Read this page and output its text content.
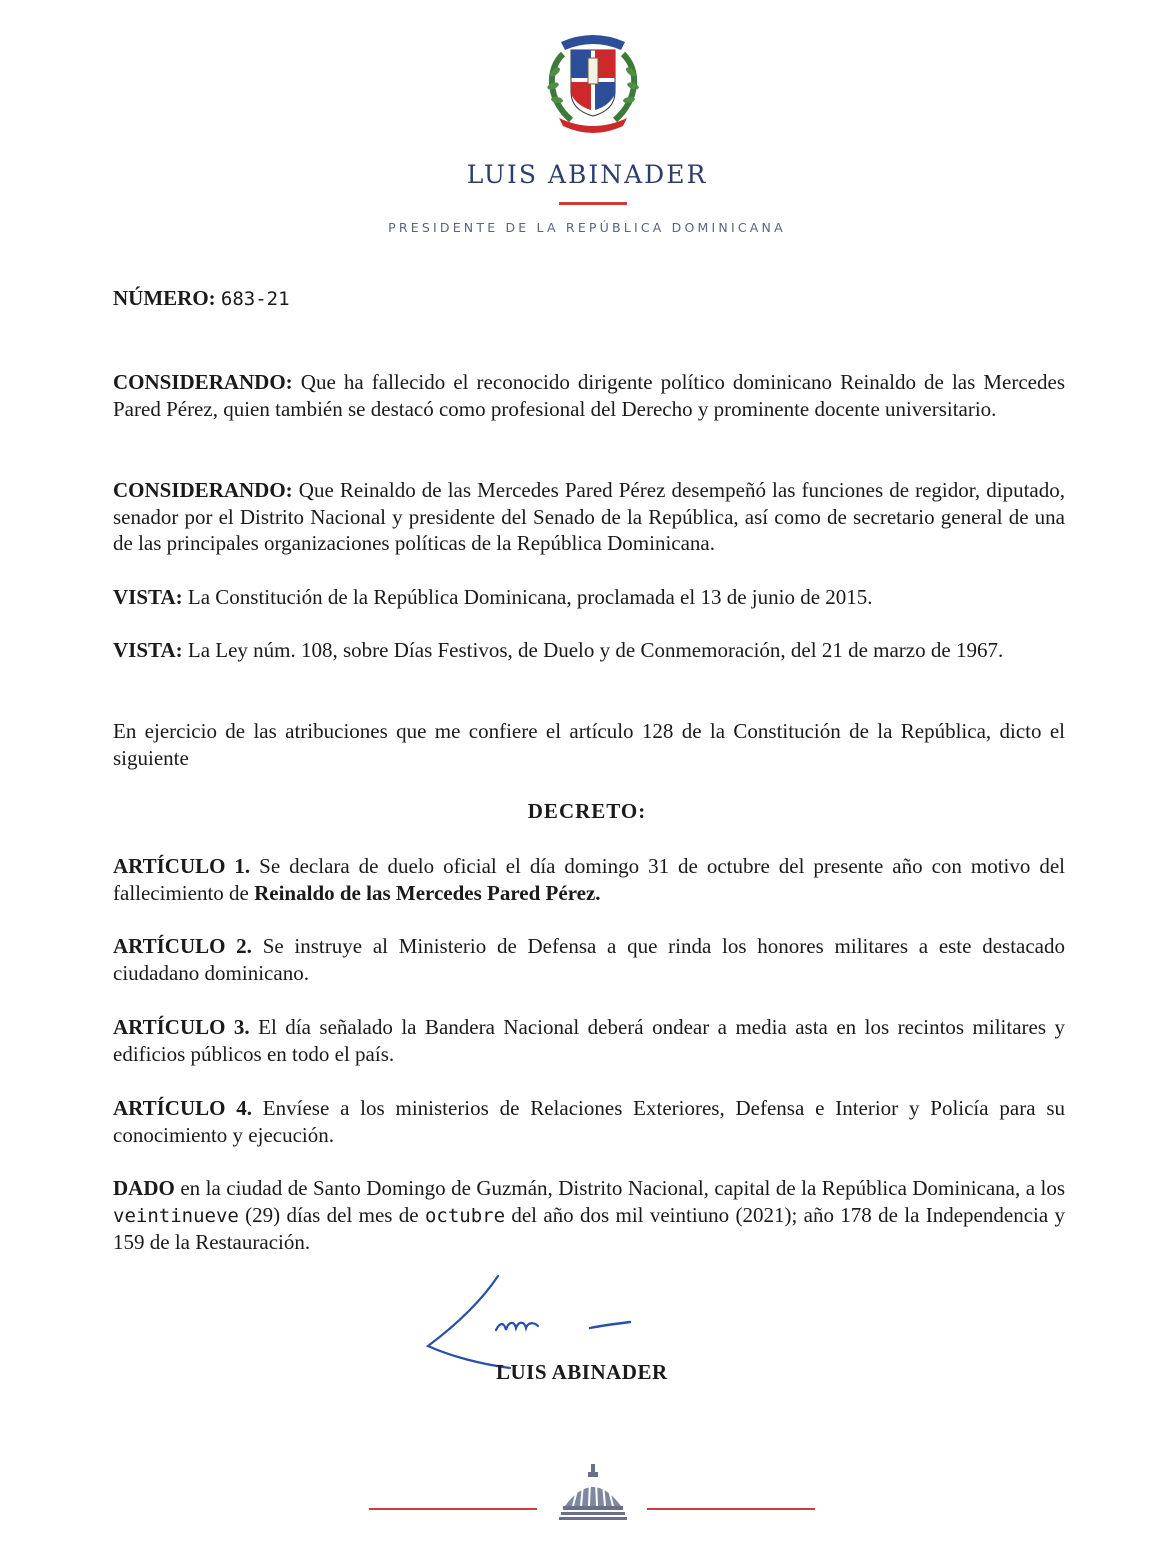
LUIS ABINADER
PRESIDENTE DE LA REPÚBLICA DOMINICANA
NÚMERO: 683-21
CONSIDERANDO: Que ha fallecido el reconocido dirigente político dominicano Reinaldo de las Mercedes Pared Pérez, quien también se destacó como profesional del Derecho y prominente docente universitario.
CONSIDERANDO: Que Reinaldo de las Mercedes Pared Pérez desempeñó las funciones de regidor, diputado, senador por el Distrito Nacional y presidente del Senado de la República, así como de secretario general de una de las principales organizaciones políticas de la República Dominicana.
VISTA: La Constitución de la República Dominicana, proclamada el 13 de junio de 2015.
VISTA: La Ley núm. 108, sobre Días Festivos, de Duelo y de Conmemoración, del 21 de marzo de 1967.
En ejercicio de las atribuciones que me confiere el artículo 128 de la Constitución de la República, dicto el siguiente
DECRETO:
ARTÍCULO 1. Se declara de duelo oficial el día domingo 31 de octubre del presente año con motivo del fallecimiento de Reinaldo de las Mercedes Pared Pérez.
ARTÍCULO 2. Se instruye al Ministerio de Defensa a que rinda los honores militares a este destacado ciudadano dominicano.
ARTÍCULO 3. El día señalado la Bandera Nacional deberá ondear a media asta en los recintos militares y edificios públicos en todo el país.
ARTÍCULO 4. Envíese a los ministerios de Relaciones Exteriores, Defensa e Interior y Policía para su conocimiento y ejecución.
DADO en la ciudad de Santo Domingo de Guzmán, Distrito Nacional, capital de la República Dominicana, a los veintinueve (29) días del mes de octubre del año dos mil veintiuno (2021); año 178 de la Independencia y 159 de la Restauración.
LUIS ABINADER
